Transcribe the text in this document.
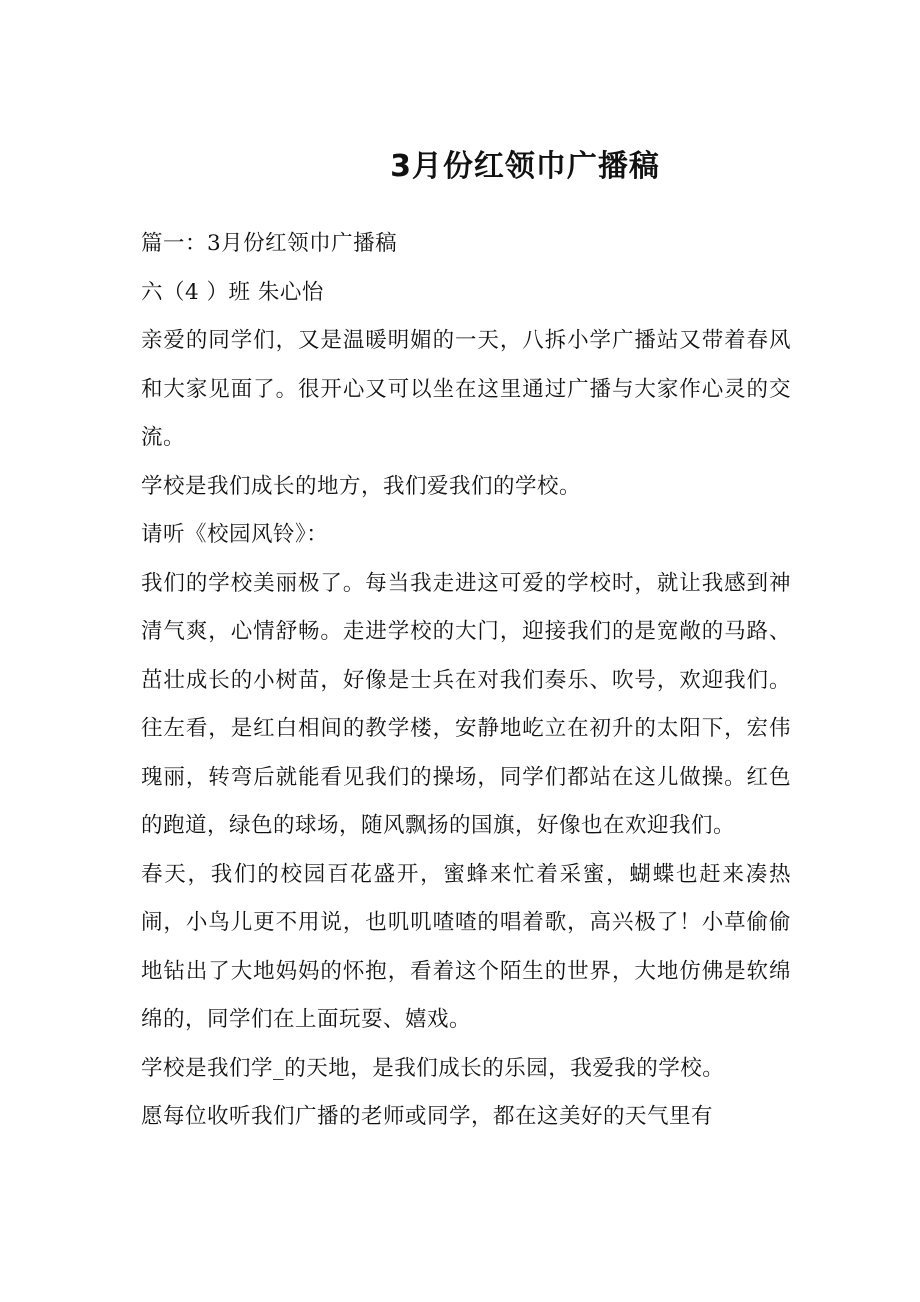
3月份红领巾广播稿

篇一：3月份红领巾广播稿

六（4 ）班 朱心怡

亲爱的同学们，又是温暖明媚的一天，八拆小学广播站又带着春风和大家见面了。很开心又可以坐在这里通过广播与大家作心灵的交流。

学校是我们成长的地方，我们爱我们的学校。

请听《校园风铃》：

我们的学校美丽极了。每当我走进这可爱的学校时，就让我感到神清气爽，心情舒畅。走进学校的大门，迎接我们的是宽敞的马路、茁壮成长的小树苗，好像是士兵在对我们奏乐、吹号，欢迎我们。往左看，是红白相间的教学楼，安静地屹立在初升的太阳下，宏伟瑰丽，转弯后就能看见我们的操场，同学们都站在这儿做操。红色的跑道，绿色的球场，随风飘扬的国旗，好像也在欢迎我们。

春天，我们的校园百花盛开，蜜蜂来忙着采蜜，蝴蝶也赶来凑热闹，小鸟儿更不用说，也叽叽喳喳的唱着歌，高兴极了！小草偷偷地钻出了大地妈妈的怀抱，看着这个陌生的世界，大地仿佛是软绵绵的，同学们在上面玩耍、嬉戏。

学校是我们学_的天地，是我们成长的乐园，我爱我的学校。

愿每位收听我们广播的老师或同学，都在这美好的天气里有
